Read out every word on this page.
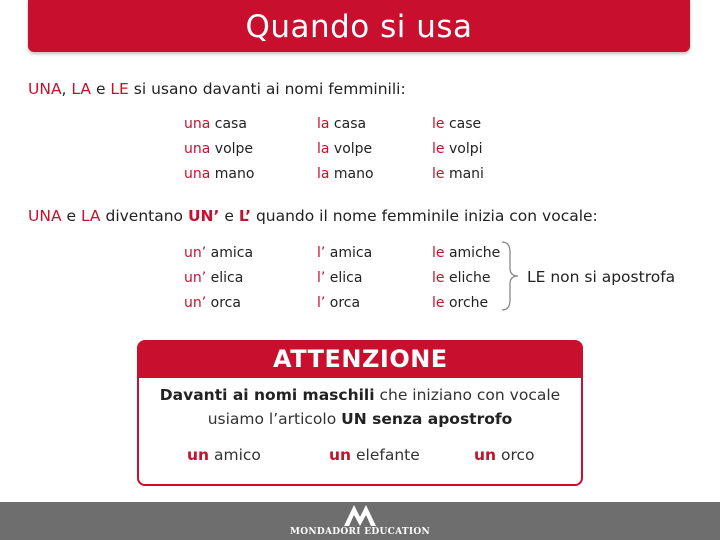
Quando si usa
UNA, LA e LE si usano davanti ai nomi femminili:
una casa	la casa	le case
una volpe	la volpe	le volpi
una mano	la mano	le mani
UNA e LA diventano UN’ e L’ quando il nome femminile inizia con vocale:
un’ amica	l’ amica	le amiche
un’ elica	l’ elica	le eliche
un’ orca	l’ orca	le orche
LE non si apostrofa
ATTENZIONE
Davanti ai nomi maschili che iniziano con vocale
usiamo l’articolo UN senza apostrofo
un amico	un elefante	un orco
MONDADORI EDUCATION
